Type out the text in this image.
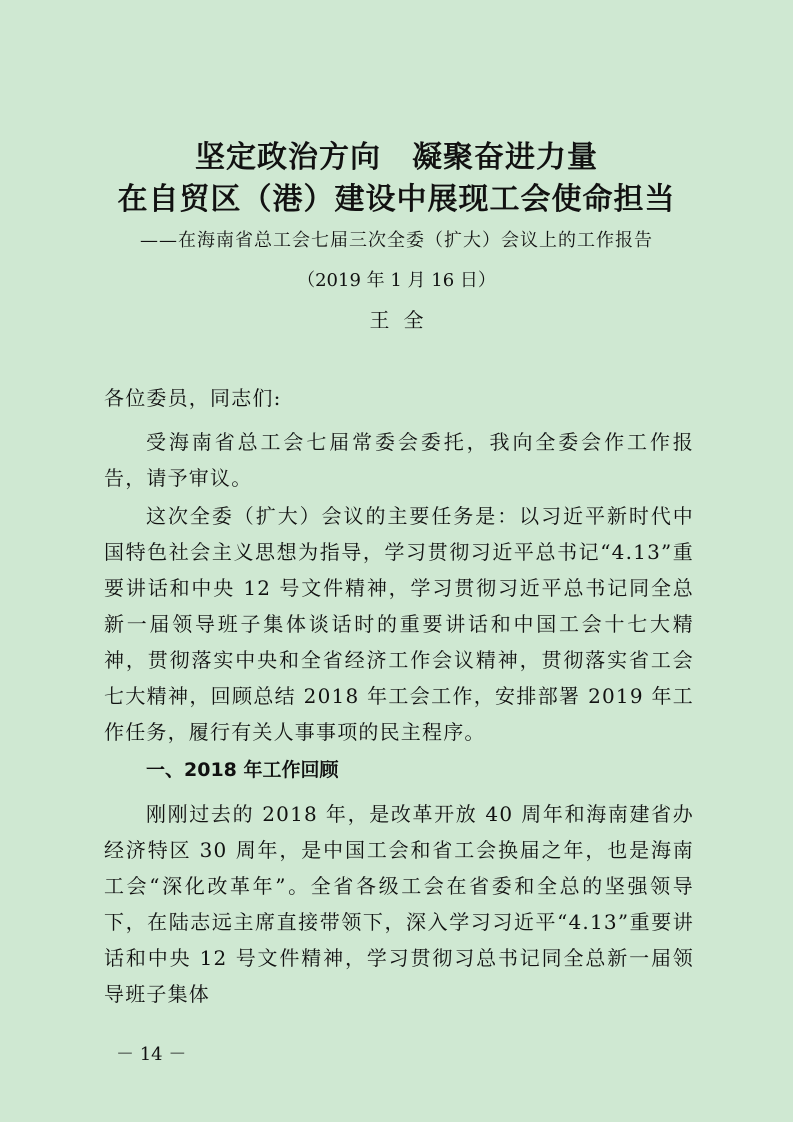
坚定政治方向　凝聚奋进力量
在自贸区（港）建设中展现工会使命担当
——在海南省总工会七届三次全委（扩大）会议上的工作报告
（2019 年 1 月 16 日）
王全
各位委员，同志们:
受海南省总工会七届常委会委托，我向全委会作工作报告，请予审议。
这次全委（扩大）会议的主要任务是：以习近平新时代中国特色社会主义思想为指导，学习贯彻习近平总书记“4.13”重要讲话和中央 12 号文件精神，学习贯彻习近平总书记同全总新一届领导班子集体谈话时的重要讲话和中国工会十七大精神，贯彻落实中央和全省经济工作会议精神，贯彻落实省工会七大精神，回顾总结 2018 年工会工作，安排部署 2019 年工作任务，履行有关人事事项的民主程序。
一、2018 年工作回顾
刚刚过去的 2018 年，是改革开放 40 周年和海南建省办经济特区 30 周年，是中国工会和省工会换届之年，也是海南工会“深化改革年”。全省各级工会在省委和全总的坚强领导下，在陆志远主席直接带领下，深入学习习近平“4.13”重要讲话和中央 12 号文件精神，学习贯彻习总书记同全总新一届领导班子集体
－ 14 －
